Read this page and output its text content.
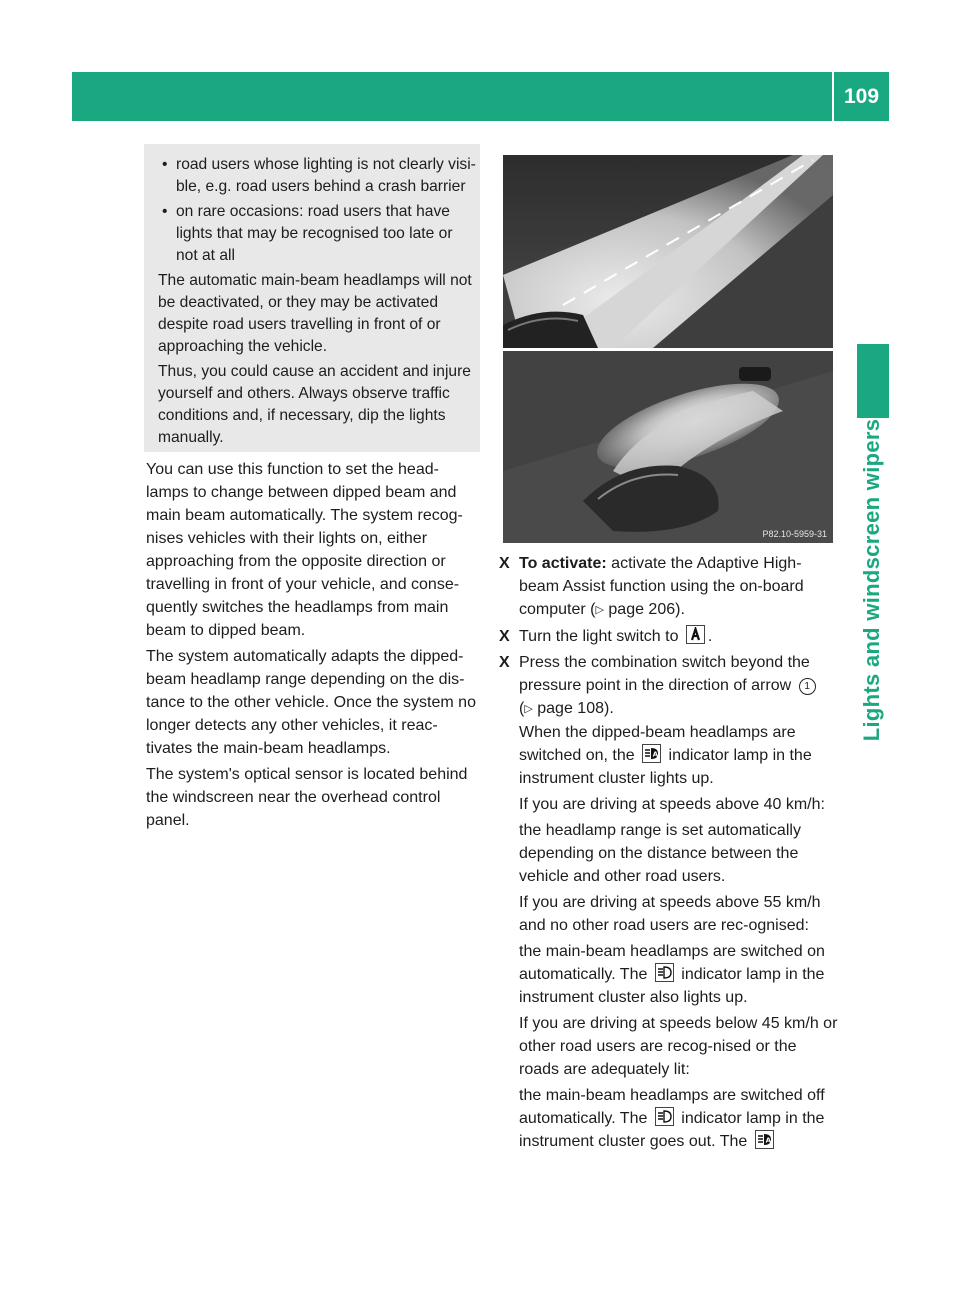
Exterior lighting
109
Lights and windscreen wipers
• road users whose lighting is not clearly visi-ble, e.g. road users behind a crash barrier
• on rare occasions: road users that have lights that may be recognised too late or not at all

The automatic main-beam headlamps will not be deactivated, or they may be activated despite road users travelling in front of or approaching the vehicle.

Thus, you could cause an accident and injure yourself and others. Always observe traffic conditions and, if necessary, dip the lights manually.

You can use this function to set the head-lamps to change between dipped beam and main beam automatically. The system recog-nises vehicles with their lights on, either approaching from the opposite direction or travelling in front of your vehicle, and conse-quently switches the headlamps from main beam to dipped beam.

The system automatically adapts the dipped-beam headlamp range depending on the dis-tance to the other vehicle. Once the system no longer detects any other vehicles, it reac-tivates the main-beam headlamps.

The system's optical sensor is located behind the windscreen near the overhead control panel.

P82.10-5959-31
X To activate: activate the Adaptive High-beam Assist function using the on-board computer (▷ page 206).

X Turn the light switch to
.

X Press the combination switch beyond the pressure point in the direction of arrow 1
(▷ page 108).
When the dipped-beam headlamps are switched on, the A indicator lamp in the instrument cluster lights up.

If you are driving at speeds above 40 km/h:

the headlamp range is set automatically depending on the distance between the vehicle and other road users.

If you are driving at speeds above 55 km/h and no other road users are rec-ognised:

the main-beam headlamps are switched on automatically. The
indicator lamp in the instrument cluster also lights up.

If you are driving at speeds below 45 km/h or other road users are recog-nised or the roads are adequately lit:

the main-beam headlamps are switched off automatically. The
indicator lamp in the instrument cluster goes out. The A
